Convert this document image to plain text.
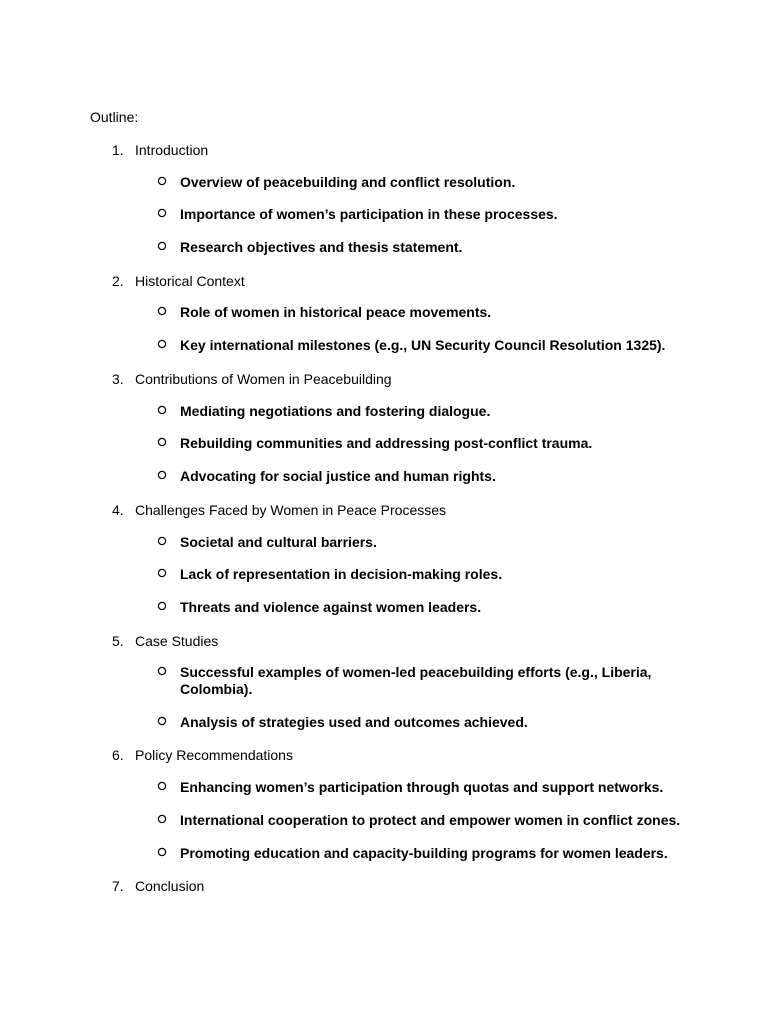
Outline:
1. Introduction
Overview of peacebuilding and conflict resolution.
Importance of women’s participation in these processes.
Research objectives and thesis statement.
2. Historical Context
Role of women in historical peace movements.
Key international milestones (e.g., UN Security Council Resolution 1325).
3. Contributions of Women in Peacebuilding
Mediating negotiations and fostering dialogue.
Rebuilding communities and addressing post-conflict trauma.
Advocating for social justice and human rights.
4. Challenges Faced by Women in Peace Processes
Societal and cultural barriers.
Lack of representation in decision-making roles.
Threats and violence against women leaders.
5. Case Studies
Successful examples of women-led peacebuilding efforts (e.g., Liberia, Colombia).
Analysis of strategies used and outcomes achieved.
6. Policy Recommendations
Enhancing women’s participation through quotas and support networks.
International cooperation to protect and empower women in conflict zones.
Promoting education and capacity-building programs for women leaders.
7. Conclusion
